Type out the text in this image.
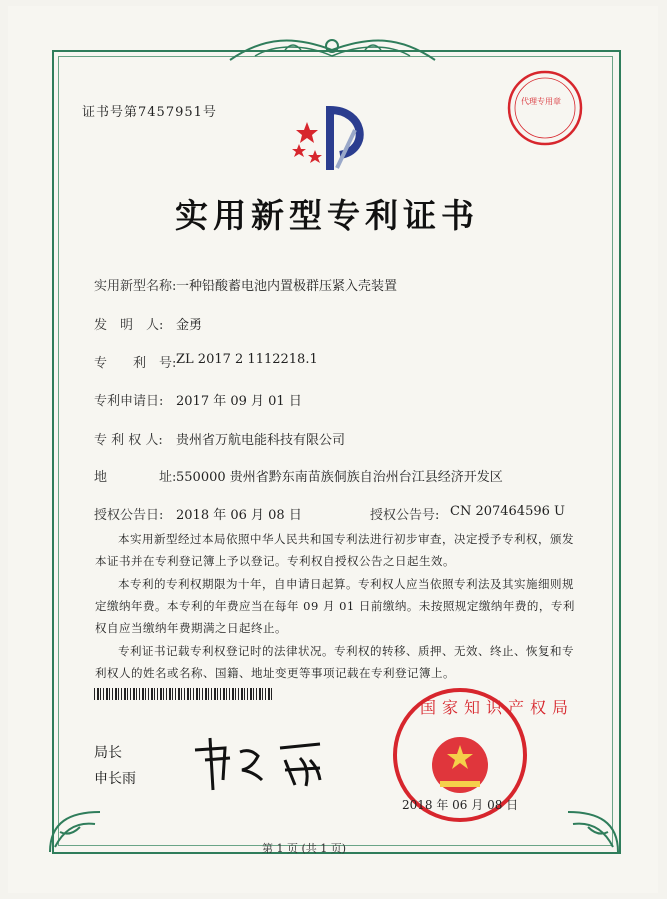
代理专用章
证书号第7457951号
实用新型专利证书
实用新型名称: 一种铅酸蓄电池内置极群压紧入壳装置
发　明　人: 金勇
专　　利　号: ZL 2017 2 1112218.1
专利申请日: 2017 年 09 月 01 日
专 利 权 人: 贵州省万航电能科技有限公司
地　　　　址: 550000 贵州省黔东南苗族侗族自治州台江县经济开发区
授权公告日: 2018 年 06 月 08 日	授权公告号: CN 207464596 U
本实用新型经过本局依照中华人民共和国专利法进行初步审查，决定授予专利权，颁发本证书并在专利登记簿上予以登记。专利权自授权公告之日起生效。
本专利的专利权期限为十年，自申请日起算。专利权人应当依照专利法及其实施细则规定缴纳年费。本专利的年费应当在每年 09 月 01 日前缴纳。未按照规定缴纳年费的，专利权自应当缴纳年费期满之日起终止。
专利证书记载专利权登记时的法律状况。专利权的转移、质押、无效、终止、恢复和专利权人的姓名或名称、国籍、地址变更等事项记载在专利登记簿上。
局长
申长雨
国家知识产权局
2018 年 06 月 08 日
第 1 页 (共 1 页)
